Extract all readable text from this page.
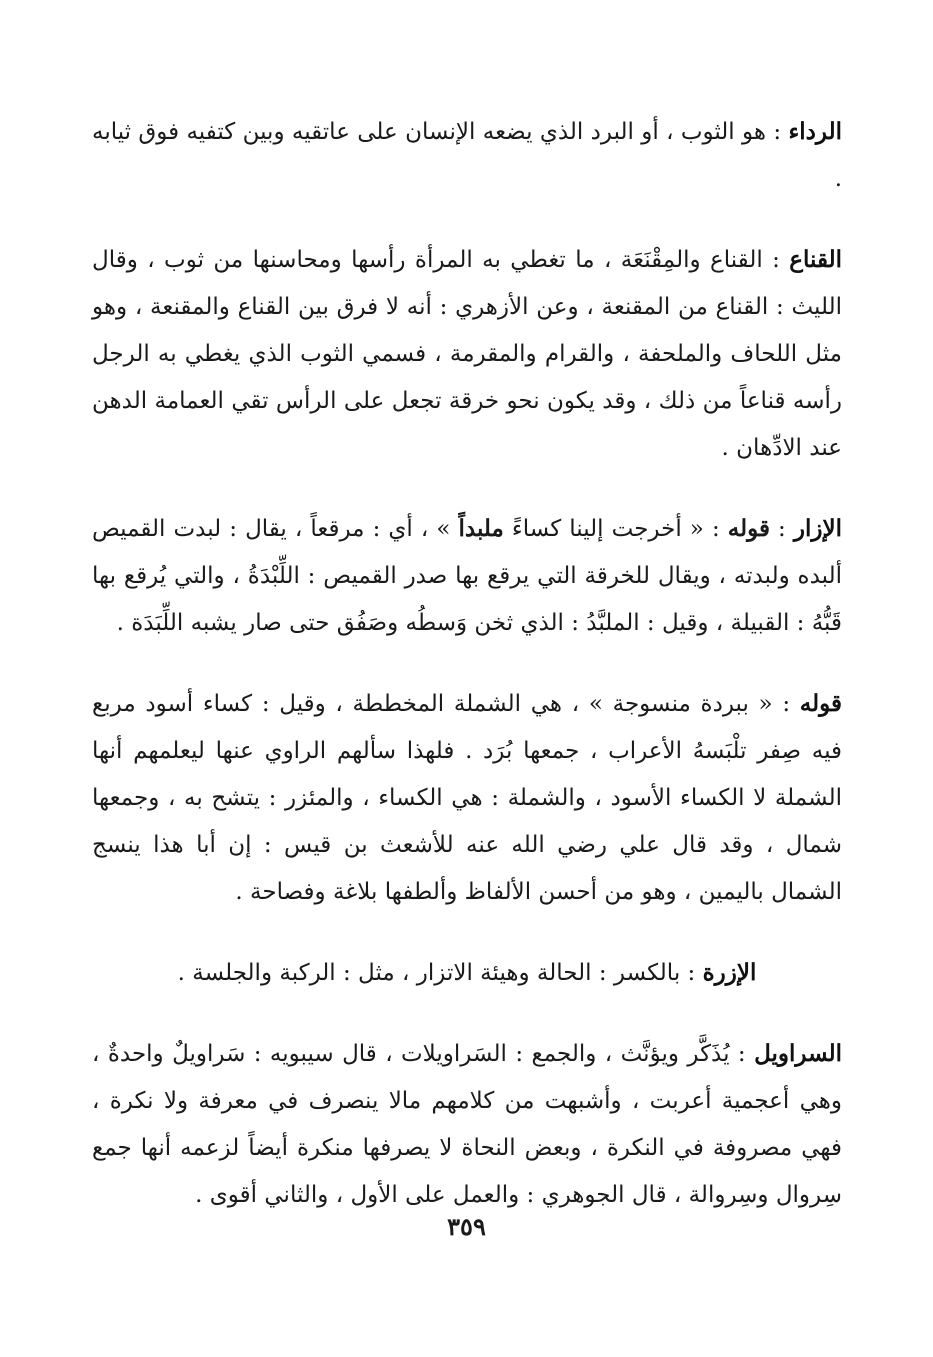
الرداء : هو الثوب ، أو البرد الذي يضعه الإنسان على عاتقيه وبين كتفيه فوق ثيابه .

القناع : القناع والمِقْنَعَة ، ما تغطي به المرأة رأسها ومحاسنها من ثوب ، وقال الليث : القناع من المقنعة ، وعن الأزهري : أنه لا فرق بين القناع والمقنعة ، وهو مثل اللحاف والملحفة ، والقرام والمقرمة ، فسمي الثوب الذي يغطي به الرجل رأسه قناعاً من ذلك ، وقد يكون نحو خرقة تجعل على الرأس تقي العمامة الدهن عند الادِّهان .

الإزار : قوله : « أخرجت إلينا كساءً ملبداً » ، أي : مرقعاً ، يقال : لبدت القميص ألبده ولبدته ، ويقال للخرقة التي يرقع بها صدر القميص : اللِّبْدَةُ ، والتي يُرقع بها قَبُّهُ : القبيلة ، وقيل : الملبَّدُ : الذي ثخن وَسطُه وصَفُق حتى صار يشبه اللِّبَدَة .

قوله : « ببردة منسوجة » ، هي الشملة المخططة ، وقيل : كساء أسود مربع فيه صِفر تلْبَسهُ الأعراب ، جمعها بُرَد . فلهذا سألهم الراوي عنها ليعلمهم أنها الشملة لا الكساء الأسود ، والشملة : هي الكساء ، والمئزر : يتشح به ، وجمعها شمال ، وقد قال علي رضي الله عنه للأشعث بن قيس : إن أبا هذا ينسج الشمال باليمين ، وهو من أحسن الألفاظ وألطفها بلاغة وفصاحة .

الإزرة : بالكسر : الحالة وهيئة الاتزار ، مثل : الركبة والجلسة .

السراويل : يُذَكَّر ويؤنَّث ، والجمع : السَراويلات ، قال سيبويه : سَراويلٌ واحدةٌ ، وهي أعجمية أعربت ، وأشبهت من كلامهم مالا ينصرف في معرفة ولا نكرة ، فهي مصروفة في النكرة ، وبعض النحاة لا يصرفها منكرة أيضاً لزعمه أنها جمع سِروال وسِروالة ، قال الجوهري : والعمل على الأول ، والثاني أقوى .

٣٥٩
